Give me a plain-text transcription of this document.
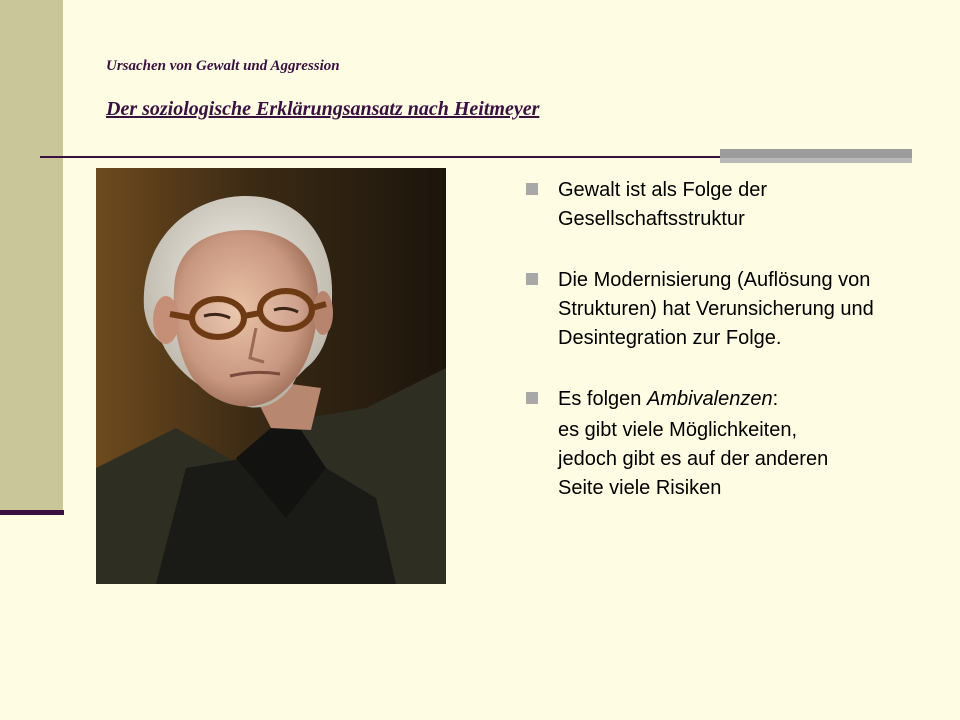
Ursachen von Gewalt und Aggression
Der soziologische Erklärungsansatz nach Heitmeyer
Gewalt ist als Folge der Gesellschaftsstruktur
Die Modernisierung (Auflösung von Strukturen) hat Verunsicherung und Desintegration zur Folge.
Es folgen Ambivalenzen:
es gibt viele Möglichkeiten,
jedoch gibt es auf der anderen
Seite viele Risiken
